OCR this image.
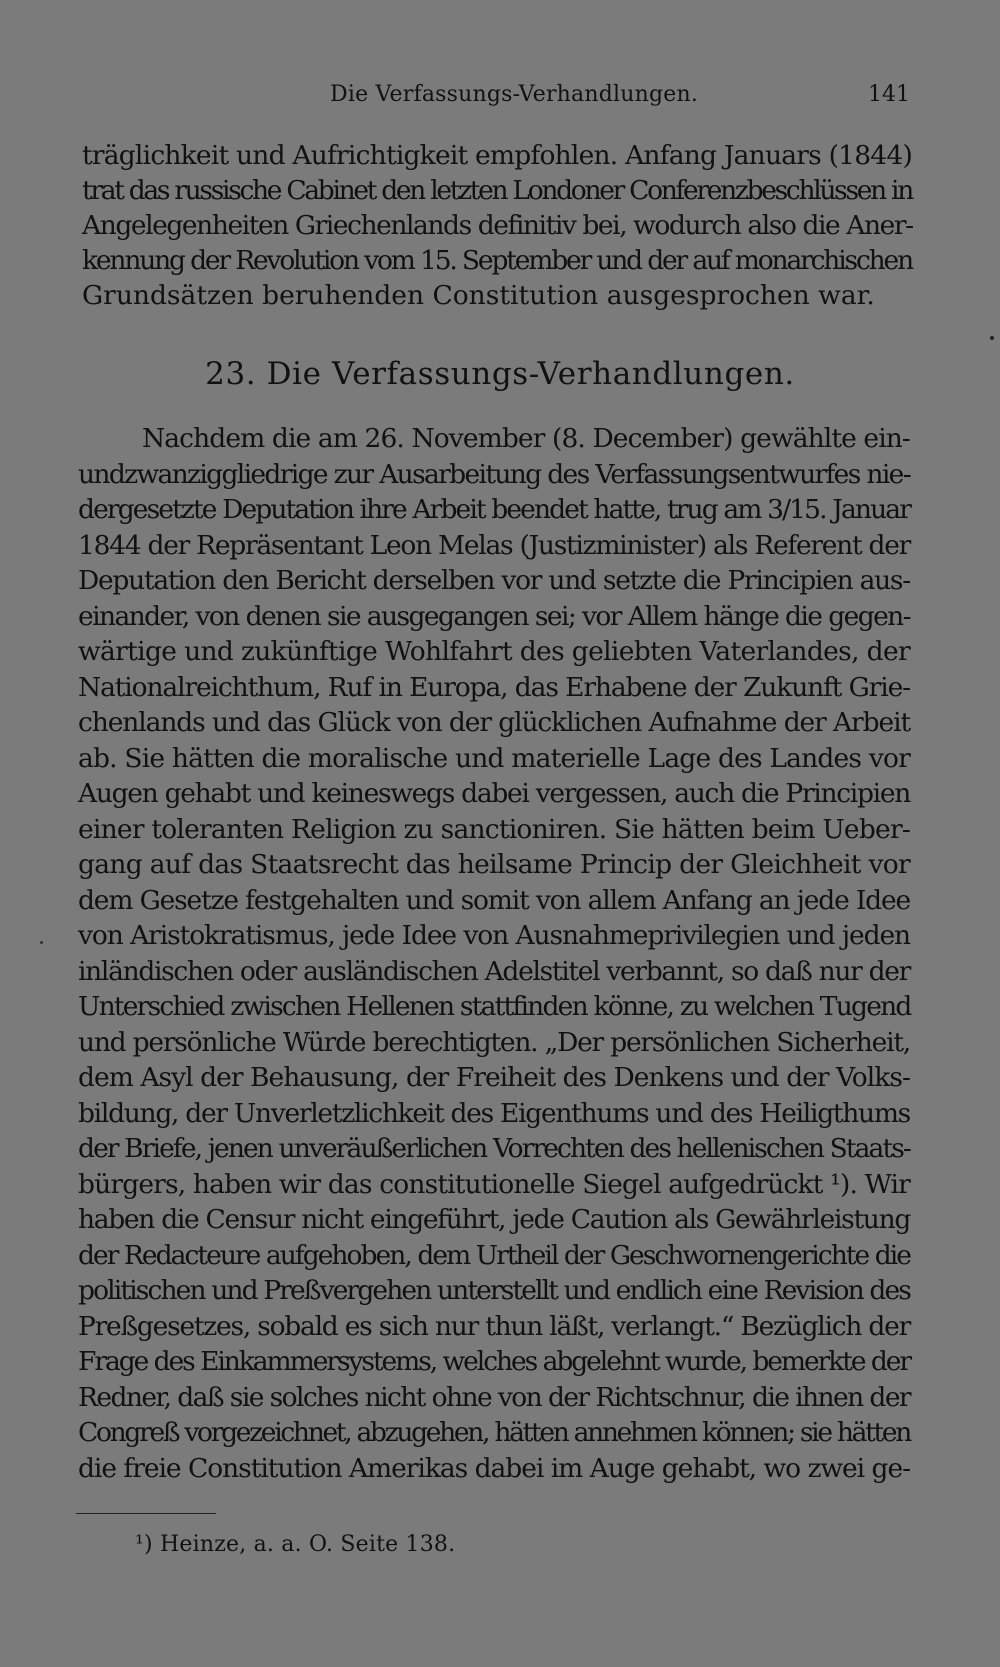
Die Verfassungs-Verhandlungen.	141

träglichkeit und Aufrichtigkeit empfohlen. Anfang Januars (1844)
trat das russische Cabinet den letzten Londoner Conferenzbeschlüssen in
Angelegenheiten Griechenlands definitiv bei, wodurch also die Aner-
kennung der Revolution vom 15. September und der auf monarchischen
Grundsätzen beruhenden Constitution ausgesprochen war.

23. Die Verfassungs-Verhandlungen.

Nachdem die am 26. November (8. December) gewählte ein-
undzwanziggliedrige zur Ausarbeitung des Verfassungsentwurfes nie-
dergesetzte Deputation ihre Arbeit beendet hatte, trug am 3/15. Januar
1844 der Repräsentant Leon Melas (Justizminister) als Referent der
Deputation den Bericht derselben vor und setzte die Principien aus-
einander, von denen sie ausgegangen sei; vor Allem hänge die gegen-
wärtige und zukünftige Wohlfahrt des geliebten Vaterlandes, der
Nationalreichthum, Ruf in Europa, das Erhabene der Zukunft Grie-
chenlands und das Glück von der glücklichen Aufnahme der Arbeit
ab. Sie hätten die moralische und materielle Lage des Landes vor
Augen gehabt und keineswegs dabei vergessen, auch die Principien
einer toleranten Religion zu sanctioniren. Sie hätten beim Ueber-
gang auf das Staatsrecht das heilsame Princip der Gleichheit vor
dem Gesetze festgehalten und somit von allem Anfang an jede Idee
von Aristokratismus, jede Idee von Ausnahmeprivilegien und jeden
inländischen oder ausländischen Adelstitel verbannt, so daß nur der
Unterschied zwischen Hellenen stattfinden könne, zu welchen Tugend
und persönliche Würde berechtigten. „Der persönlichen Sicherheit,
dem Asyl der Behausung, der Freiheit des Denkens und der Volks-
bildung, der Unverletzlichkeit des Eigenthums und des Heiligthums
der Briefe, jenen unveräußerlichen Vorrechten des hellenischen Staats-
bürgers, haben wir das constitutionelle Siegel aufgedrückt ¹). Wir
haben die Censur nicht eingeführt, jede Caution als Gewährleistung
der Redacteure aufgehoben, dem Urtheil der Geschwornengerichte die
politischen und Preßvergehen unterstellt und endlich eine Revision des
Preßgesetzes, sobald es sich nur thun läßt, verlangt.“ Bezüglich der
Frage des Einkammersystems, welches abgelehnt wurde, bemerkte der
Redner, daß sie solches nicht ohne von der Richtschnur, die ihnen der
Congreß vorgezeichnet, abzugehen, hätten annehmen können; sie hätten
die freie Constitution Amerikas dabei im Auge gehabt, wo zwei ge-

¹) Heinze, a. a. O. Seite 138.
